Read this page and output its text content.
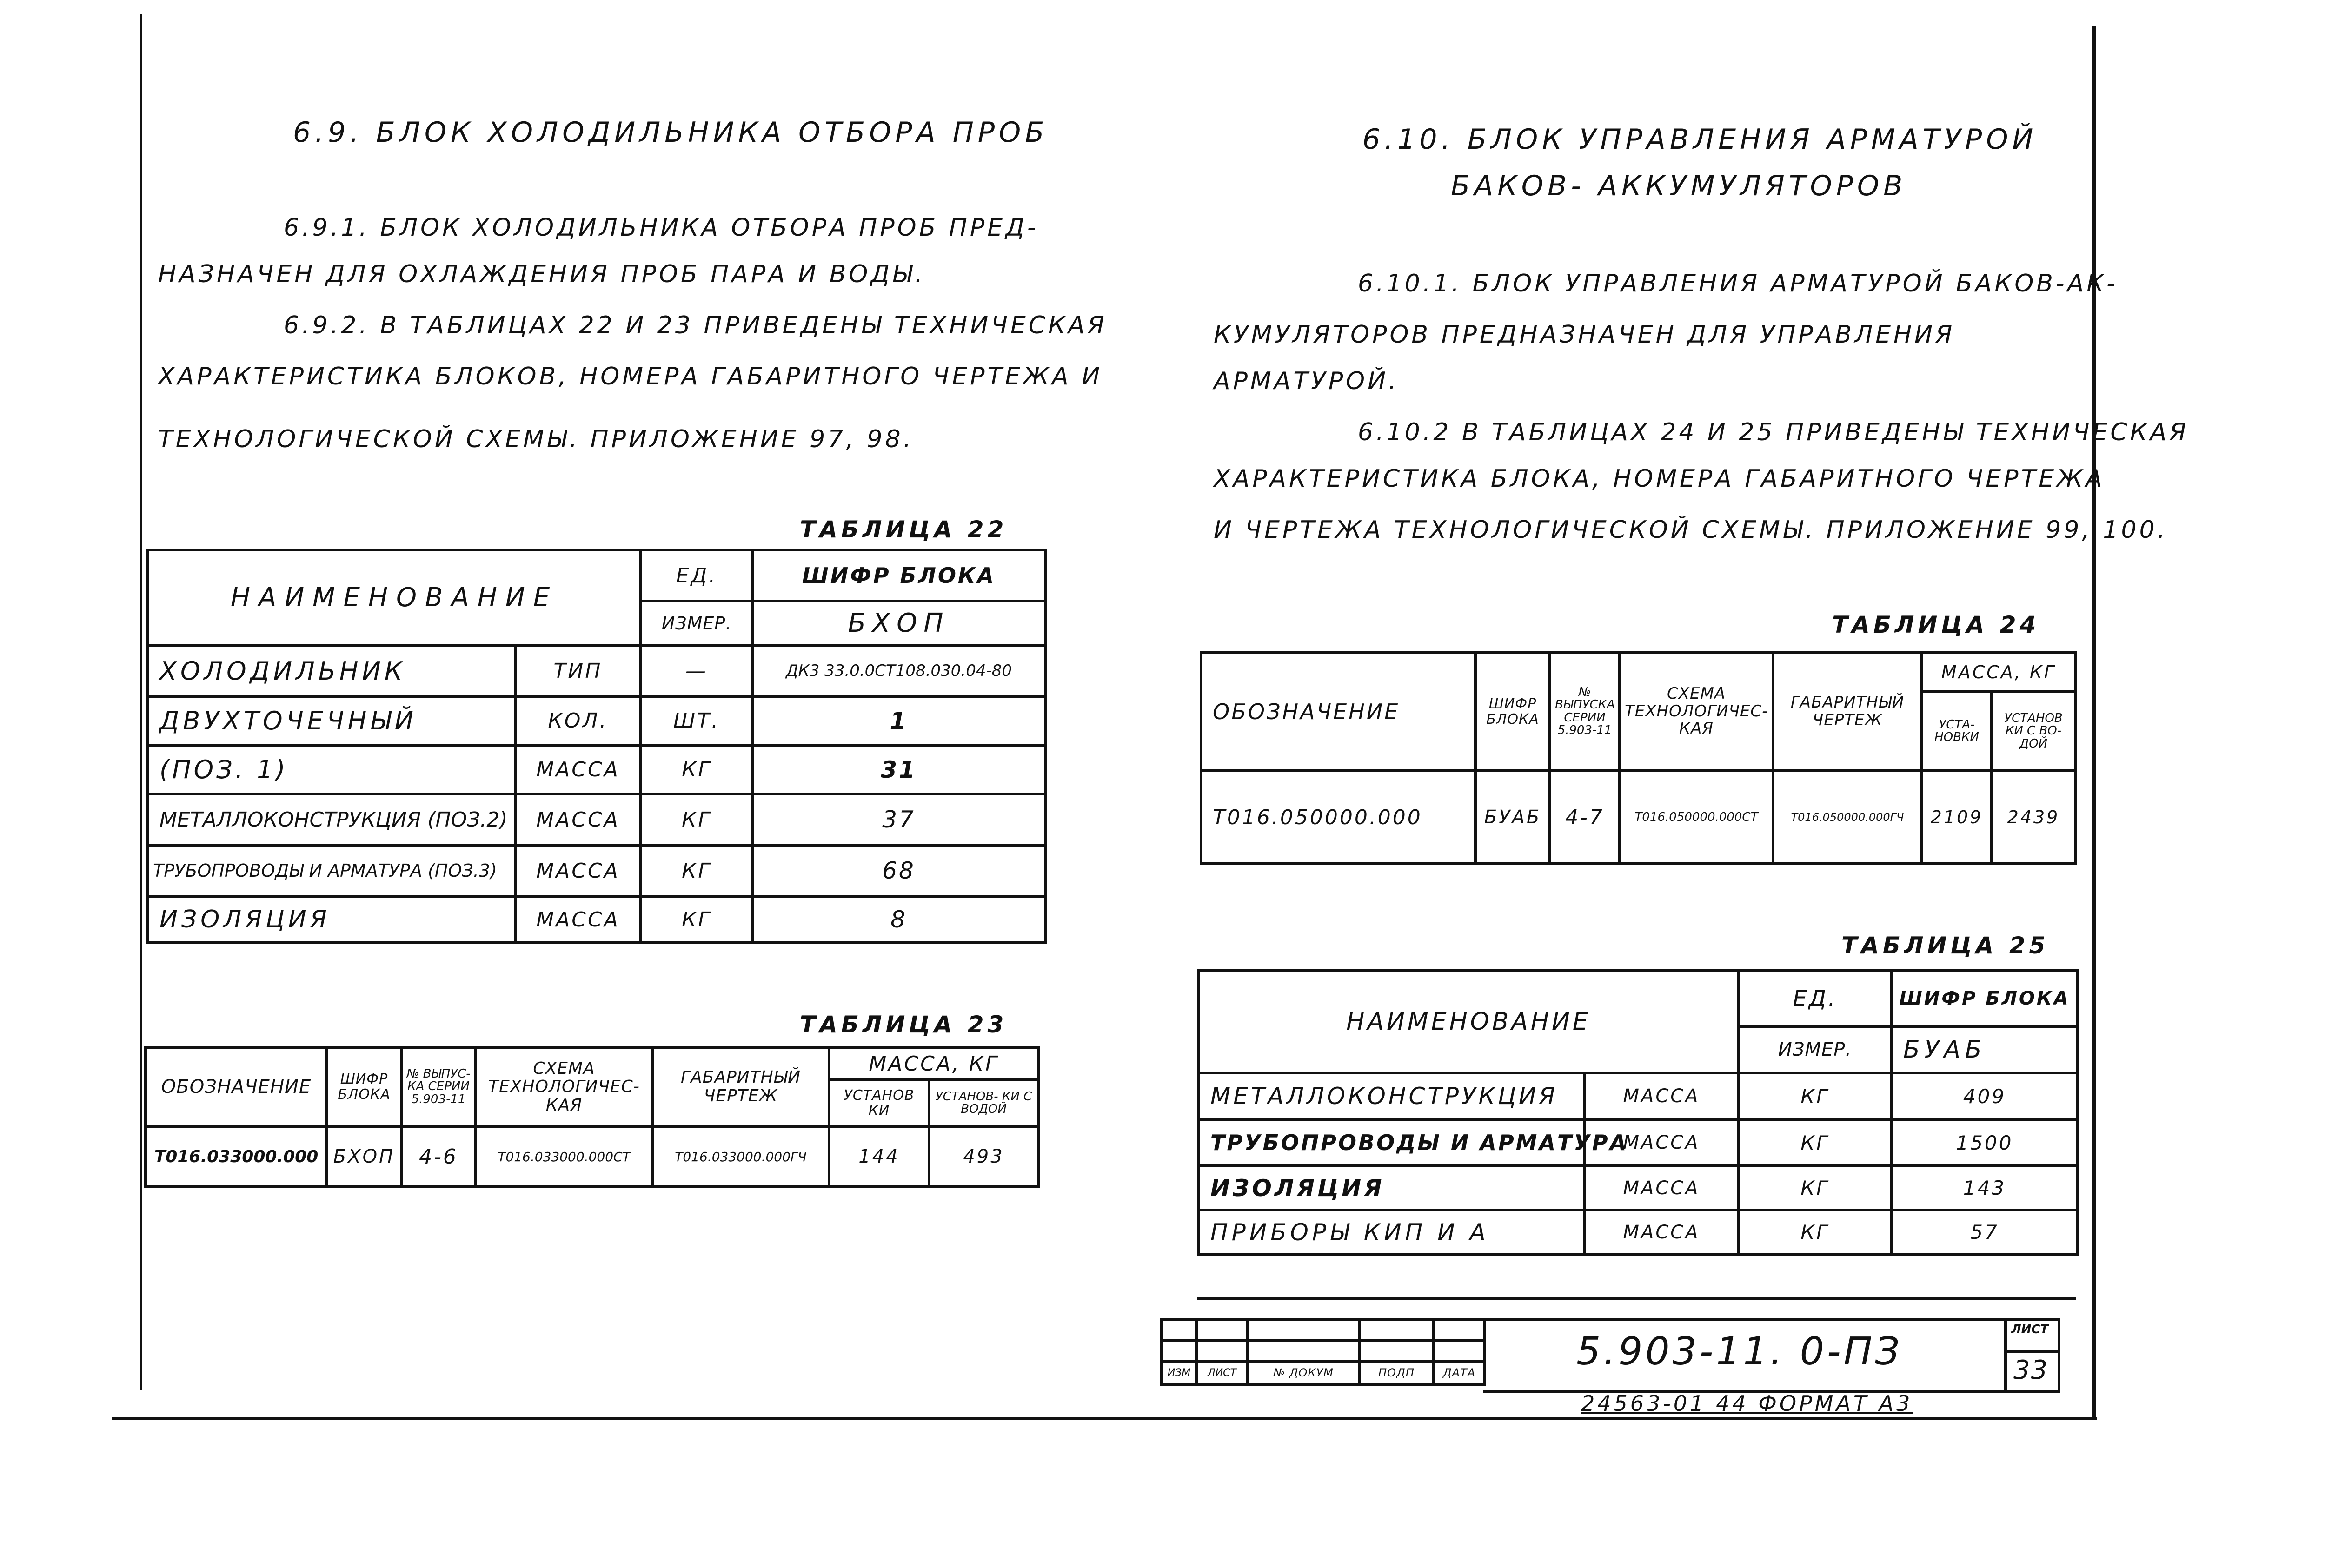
6.9. БЛОК ХОЛОДИЛЬНИКА ОТБОРА ПРОБ
6.9.1. БЛОК ХОЛОДИЛЬНИКА ОТБОРА ПРОБ ПРЕД-
НАЗНАЧЕН ДЛЯ ОХЛАЖДЕНИЯ ПРОБ ПАРА И ВОДЫ.
6.9.2. В ТАБЛИЦАХ 22 И 23 ПРИВЕДЕНЫ ТЕХНИЧЕСКАЯ
ХАРАКТЕРИСТИКА БЛОКОВ, НОМЕРА ГАБАРИТНОГО ЧЕРТЕЖА И
ТЕХНОЛОГИЧЕСКОЙ СХЕМЫ. ПРИЛОЖЕНИЕ 97, 98.
6.10. БЛОК УПРАВЛЕНИЯ АРМАТУРОЙ
БАКОВ- АККУМУЛЯТОРОВ
6.10.1. БЛОК УПРАВЛЕНИЯ АРМАТУРОЙ БАКОВ-АК-
КУМУЛЯТОРОВ ПРЕДНАЗНАЧЕН ДЛЯ УПРАВЛЕНИЯ
АРМАТУРОЙ.
6.10.2 В ТАБЛИЦАХ 24 И 25 ПРИВЕДЕНЫ ТЕХНИЧЕСКАЯ
ХАРАКТЕРИСТИКА БЛОКА, НОМЕРА ГАБАРИТНОГО ЧЕРТЕЖА
И ЧЕРТЕЖА ТЕХНОЛОГИЧЕСКОЙ СХЕМЫ. ПРИЛОЖЕНИЕ 99, 100.
ТАБЛИЦА 22
НАИМЕНОВАНИЕ		ЕД.	ШИФР БЛОКА
		ИЗМЕР.	БХОП
ХОЛОДИЛЬНИК	ТИП	—	ДК3 33.0.0СТ108.030.04-80
ДВУХТОЧЕЧНЫЙ	КОЛ.	ШТ.	1
(ПОЗ. 1)	МАССА	КГ	31
МЕТАЛЛОКОНСТРУКЦИЯ (ПОЗ.2)	МАССА	КГ	37
ТРУБОПРОВОДЫ И АРМАТУРА (ПОЗ.3)	МАССА	КГ	68
ИЗОЛЯЦИЯ	МАССА	КГ	8
ТАБЛИЦА 23
ОБОЗНАЧЕНИЕ	ШИФР БЛОКА	№ ВЫПУС- КА СЕРИИ 5.903-11	СХЕМА ТЕХНОЛОГИЧЕС- КАЯ	ГАБАРИТНЫЙ ЧЕРТЕЖ	МАССА, КГ	
					УСТАНОВ КИ	УСТАНОВ- КИ С ВОДОЙ
Т016.033000.000	БХОП	4-6	Т016.033000.000СТ	Т016.033000.000ГЧ	144	493
ТАБЛИЦА 24
ОБОЗНАЧЕНИЕ	ШИФР БЛОКА	№ ВЫПУСКА СЕРИИ 5.903-11	СХЕМА ТЕХНОЛОГИЧЕС- КАЯ	ГАБАРИТНЫЙ ЧЕРТЕЖ	МАССА, КГ	
					УСТА- НОВКИ	УСТАНОВ КИ С ВО- ДОЙ
Т016.050000.000	БУАБ	4-7	Т016.050000.000СТ	Т016.050000.000ГЧ	2109	2439
ТАБЛИЦА 25
НАИМЕНОВАНИЕ		ЕД.	ШИФР БЛОКА
		ИЗМЕР.	БУАБ
МЕТАЛЛОКОНСТРУКЦИЯ	МАССА	КГ	409
ТРУБОПРОВОДЫ И АРМАТУРА	МАССА	КГ	1500
ИЗОЛЯЦИЯ	МАССА	КГ	143
ПРИБОРЫ КИП И А	МАССА	КГ	57

ИЗМ	ЛИСТ	№ ДОКУМ	ПОДП	ДАТА	5.903-11. 0-ПЗ	ЛИСТ
33
24563-01 44 ФОРМАТ А3
